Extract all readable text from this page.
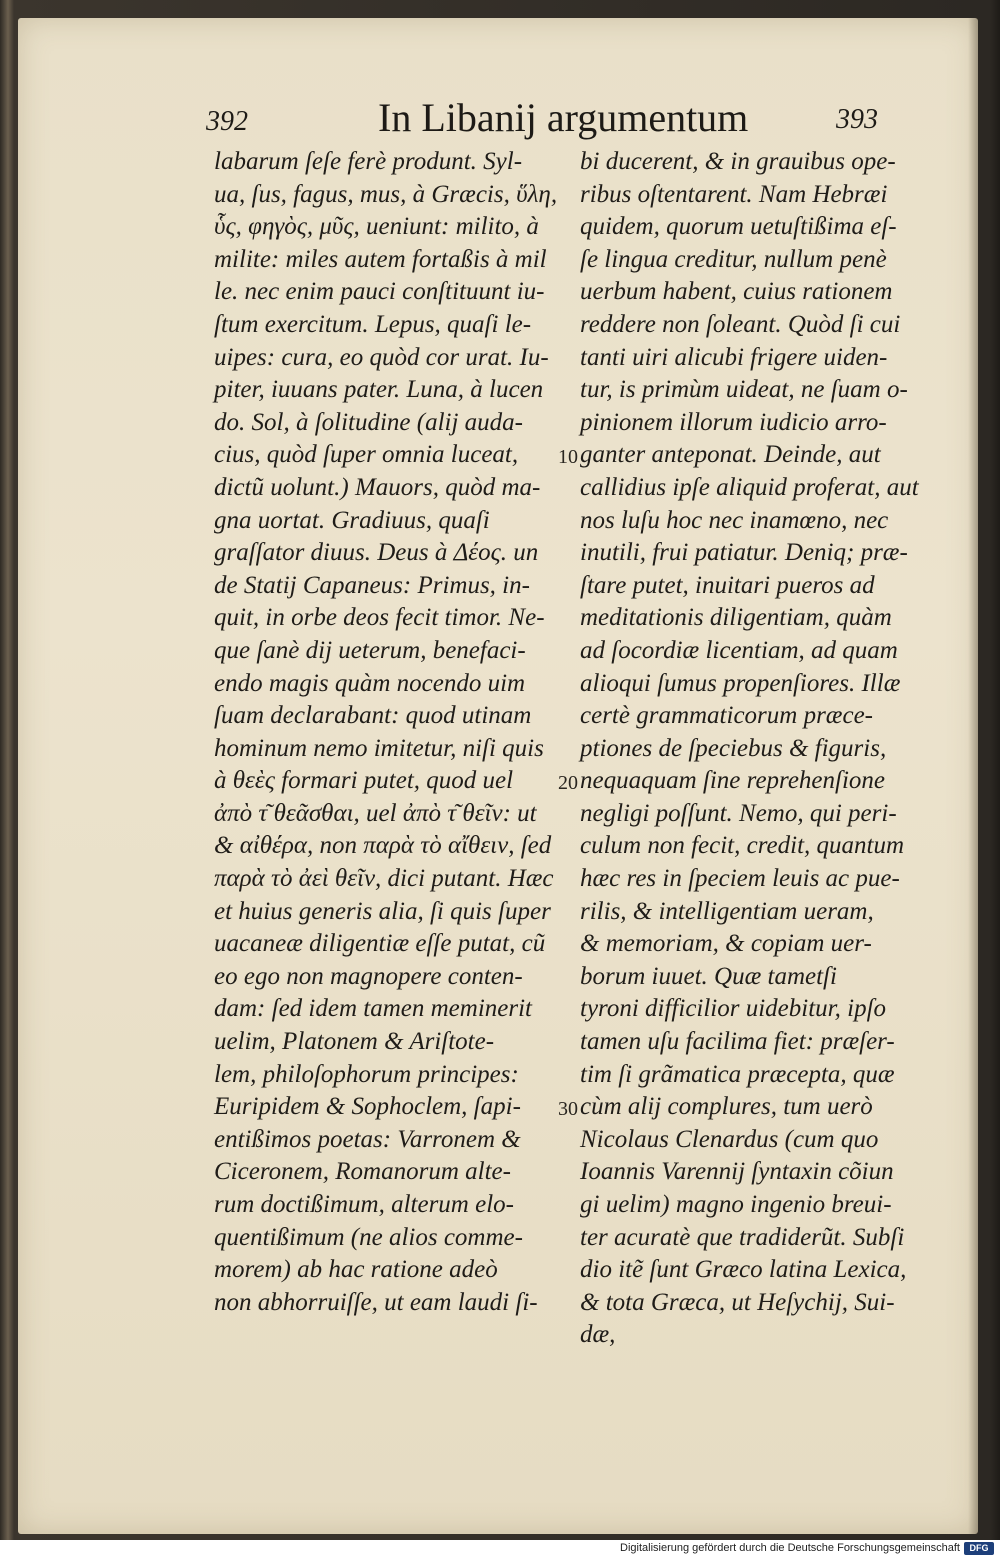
392	In Libanij argumentum	393
labarum ſeſe ferè produnt. Syl-
ua, ſus, fagus, mus, à Græcis, ὕλη,
ὗς, φηγὸς, μῦς, ueniunt: milito, à
milite: miles autem fortaßis à mil
le. nec enim pauci conſtituunt iu-
ſtum exercitum. Lepus, quaſi le-
uipes: cura, eo quòd cor urat. Iu-
piter, iuuans pater. Luna, à lucen
do. Sol, à ſolitudine (alij auda-
cius, quòd ſuper omnia luceat,
dictũ uolunt.) Mauors, quòd ma-
gna uortat. Gradiuus, quaſi
graſſator diuus. Deus à Δέος. un
de Statij Capaneus: Primus, in-
quit, in orbe deos fecit timor. Ne-
que ſanè dij ueterum, benefaci-
endo magis quàm nocendo uim
ſuam declarabant: quod utinam
hominum nemo imitetur, niſi quis
à θεὲς formari putet, quod uel
ἀπὸ τ͂ θεᾶσθαι, uel ἀπὸ τ͂ θεῖν: ut
& αἰθέρα, non παρὰ τὸ αἴθειν, ſed
παρὰ τὸ ἀεὶ θεῖν, dici putant. Hæc
et huius generis alia, ſi quis ſuper
uacaneæ diligentiæ eſſe putat, cũ
eo ego non magnopere conten-
dam: ſed idem tamen meminerit
uelim, Platonem & Ariſtote-
lem, philoſophorum principes:
Euripidem & Sophoclem, ſapi-
entißimos poetas: Varronem &
Ciceronem, Romanorum alte-
rum doctißimum, alterum elo-
quentißimum (ne alios comme-
morem) ab hac ratione adeò
non abhorruiſſe, ut eam laudi ſi-
bi ducerent, & in grauibus ope-
ribus oſtentarent. Nam Hebræi
quidem, quorum uetuſtißima eſ-
ſe lingua creditur, nullum penè
uerbum habent, cuius rationem
reddere non ſoleant. Quòd ſi cui
tanti uiri alicubi frigere uiden-
tur, is primùm uideat, ne ſuam o-
pinionem illorum iudicio arro-
ganter anteponat. Deinde, aut
callidius ipſe aliquid proferat, aut
nos luſu hoc nec inamœno, nec
inutili, frui patiatur. Deniq; præ-
ſtare putet, inuitari pueros ad
meditationis diligentiam, quàm
ad ſocordiæ licentiam, ad quam
alioqui ſumus propenſiores. Illæ
certè grammaticorum præce-
ptiones de ſpeciebus & figuris,
nequaquam ſine reprehenſione
negligi poſſunt. Nemo, qui peri-
culum non fecit, credit, quantum
hæc res in ſpeciem leuis ac pue-
rilis, & intelligentiam ueram,
& memoriam, & copiam uer-
borum iuuet. Quæ tametſi
tyroni difficilior uidebitur, ipſo
tamen uſu facilima fiet: præſer-
tim ſi grãmatica præcepta, quæ
cùm alij complures, tum uerò
Nicolaus Clenardus (cum quo
Ioannis Varennij ſyntaxin cõiun
gi uelim) magno ingenio breui-
ter acuratè que tradiderũt. Subſi
dio itẽ ſunt Græco latina Lexica,
& tota Græca, ut Heſychij, Sui-
dæ,
10
20
30
Digitalisierung gefördert durch die Deutsche Forschungsgemeinschaft	DFG
